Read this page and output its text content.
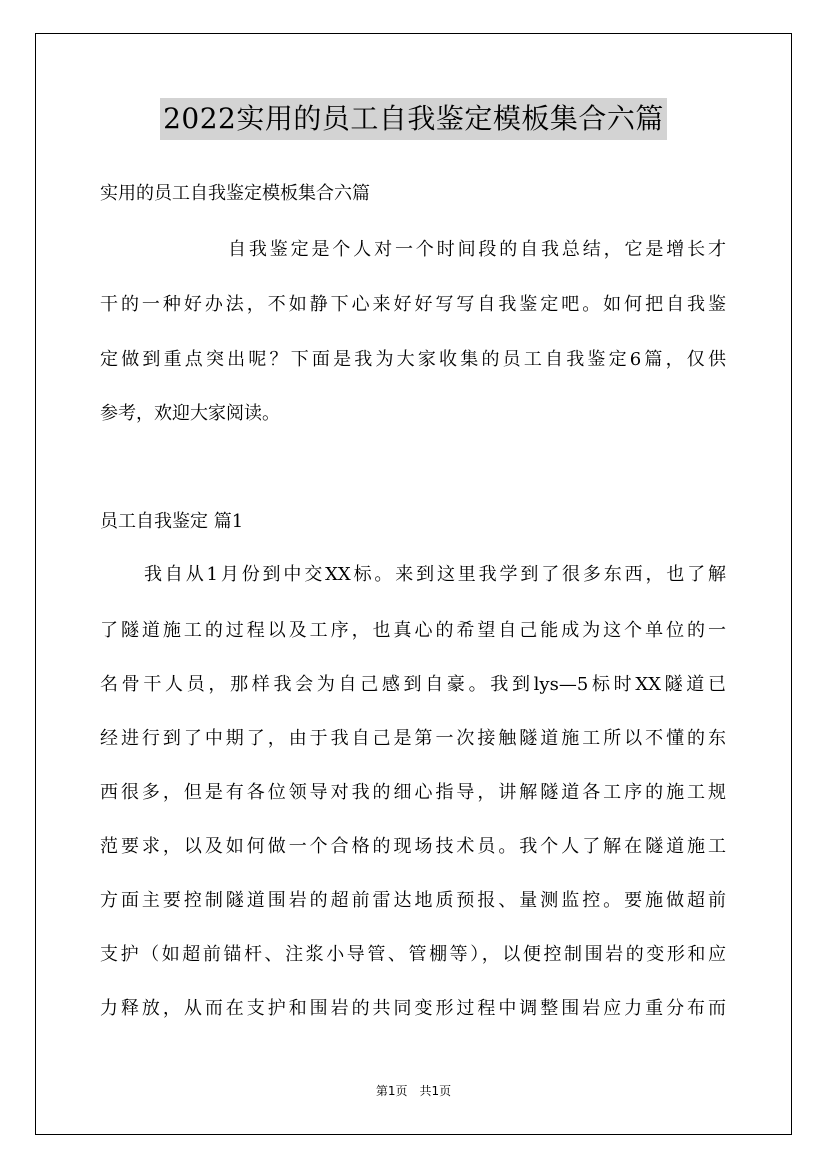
2022实用的员工自我鉴定模板集合六篇
实用的员工自我鉴定模板集合六篇
自我鉴定是个人对一个时间段的自我总结，它是增长才
干的一种好办法，不如静下心来好好写写自我鉴定吧。如何把自我鉴
定做到重点突出呢？下面是我为大家收集的员工自我鉴定6篇，仅供
参考，欢迎大家阅读。
员工自我鉴定 篇1
我自从1月份到中交XX标。来到这里我学到了很多东西，也了解
了隧道施工的过程以及工序，也真心的希望自己能成为这个单位的一
名骨干人员，那样我会为自己感到自豪。我到lys—5标时XX隧道已
经进行到了中期了，由于我自己是第一次接触隧道施工所以不懂的东
西很多，但是有各位领导对我的细心指导，讲解隧道各工序的施工规
范要求，以及如何做一个合格的现场技术员。我个人了解在隧道施工
方面主要控制隧道围岩的超前雷达地质预报、量测监控。要施做超前
支护（如超前锚杆、注浆小导管、管棚等），以便控制围岩的变形和应
力释放，从而在支护和围岩的共同变形过程中调整围岩应力重分布而
第1页　共1页
